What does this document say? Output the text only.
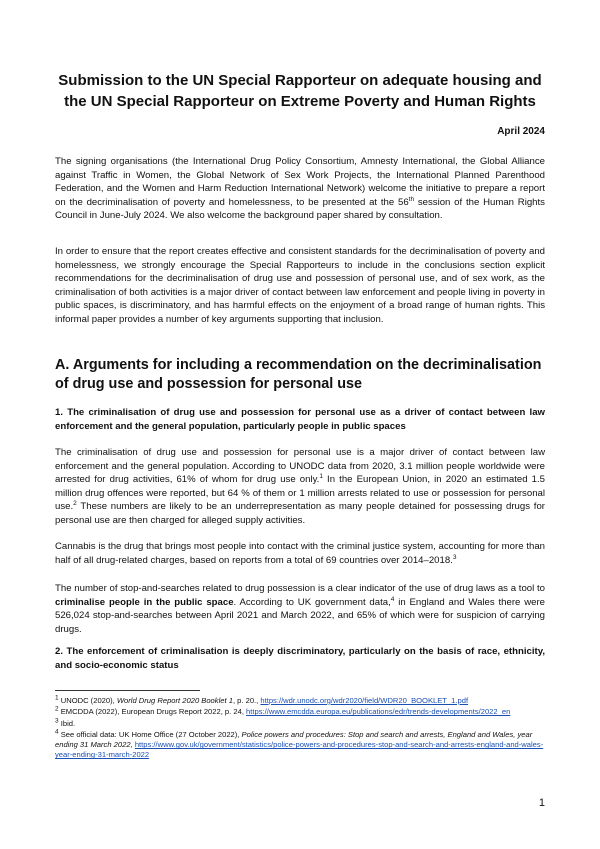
Submission to the UN Special Rapporteur on adequate housing and the UN Special Rapporteur on Extreme Poverty and Human Rights

April 2024

The signing organisations (the International Drug Policy Consortium, Amnesty International, the Global Alliance against Traffic in Women, the Global Network of Sex Work Projects, the International Planned Parenthood Federation, and the Women and Harm Reduction International Network) welcome the initiative to prepare a report on the decriminalisation of poverty and homelessness, to be presented at the 56th session of the Human Rights Council in June-July 2024. We also welcome the background paper shared by consultation.

In order to ensure that the report creates effective and consistent standards for the decriminalisation of poverty and homelessness, we strongly encourage the Special Rapporteurs to include in the conclusions section explicit recommendations for the decriminalisation of drug use and possession of personal use, and of sex work, as the criminalisation of both activities is a major driver of contact between law enforcement and people living in poverty in public spaces, is discriminatory, and has harmful effects on the enjoyment of a broad range of human rights. This informal paper provides a number of key arguments supporting that inclusion.

A. Arguments for including a recommendation on the decriminalisation of drug use and possession for personal use

1. The criminalisation of drug use and possession for personal use as a driver of contact between law enforcement and the general population, particularly people in public spaces

The criminalisation of drug use and possession for personal use is a major driver of contact between law enforcement and the general population. According to UNODC data from 2020, 3.1 million people worldwide were arrested for drug activities, 61% of whom for drug use only.$^1$ In the European Union, in 2020 an estimated 1.5 million drug offences were reported, but 64 % of them or 1 million arrests related to use or possession for personal use.$^2$ These numbers are likely to be an underrepresentation as many people detained for possessing drugs for personal use are then charged for alleged supply activities.

Cannabis is the drug that brings most people into contact with the criminal justice system, accounting for more than half of all drug-related charges, based on reports from a total of 69 countries over 2014–2018.$^3$

The number of stop-and-searches related to drug possession is a clear indicator of the use of drug laws as a tool to criminalise people in the public space. According to UK government data,$^4$ in England and Wales there were 526,024 stop-and-searches between April 2021 and March 2022, and 65% of which were for suspicion of carrying drugs.

2. The enforcement of criminalisation is deeply discriminatory, particularly on the basis of race, ethnicity, and socio-economic status

$^1$ UNODC (2020), World Drug Report 2020 Booklet 1, p. 20., https://wdr.unodc.org/wdr2020/field/WDR20_BOOKLET_1.pdf

$^2$ EMCDDA (2022), European Drugs Report 2022, p. 24, https://www.emcdda.europa.eu/publications/edr/trends-developments/2022_en

$^3$ Ibid.

$^4$ See official data: UK Home Office (27 October 2022), Police powers and procedures: Stop and search and arrests, England and Wales, year ending 31 March 2022, https://www.gov.uk/government/statistics/police-powers-and-procedures-stop-and-search-and-arrests-england-and-wales-year-ending-31-march-2022

1
